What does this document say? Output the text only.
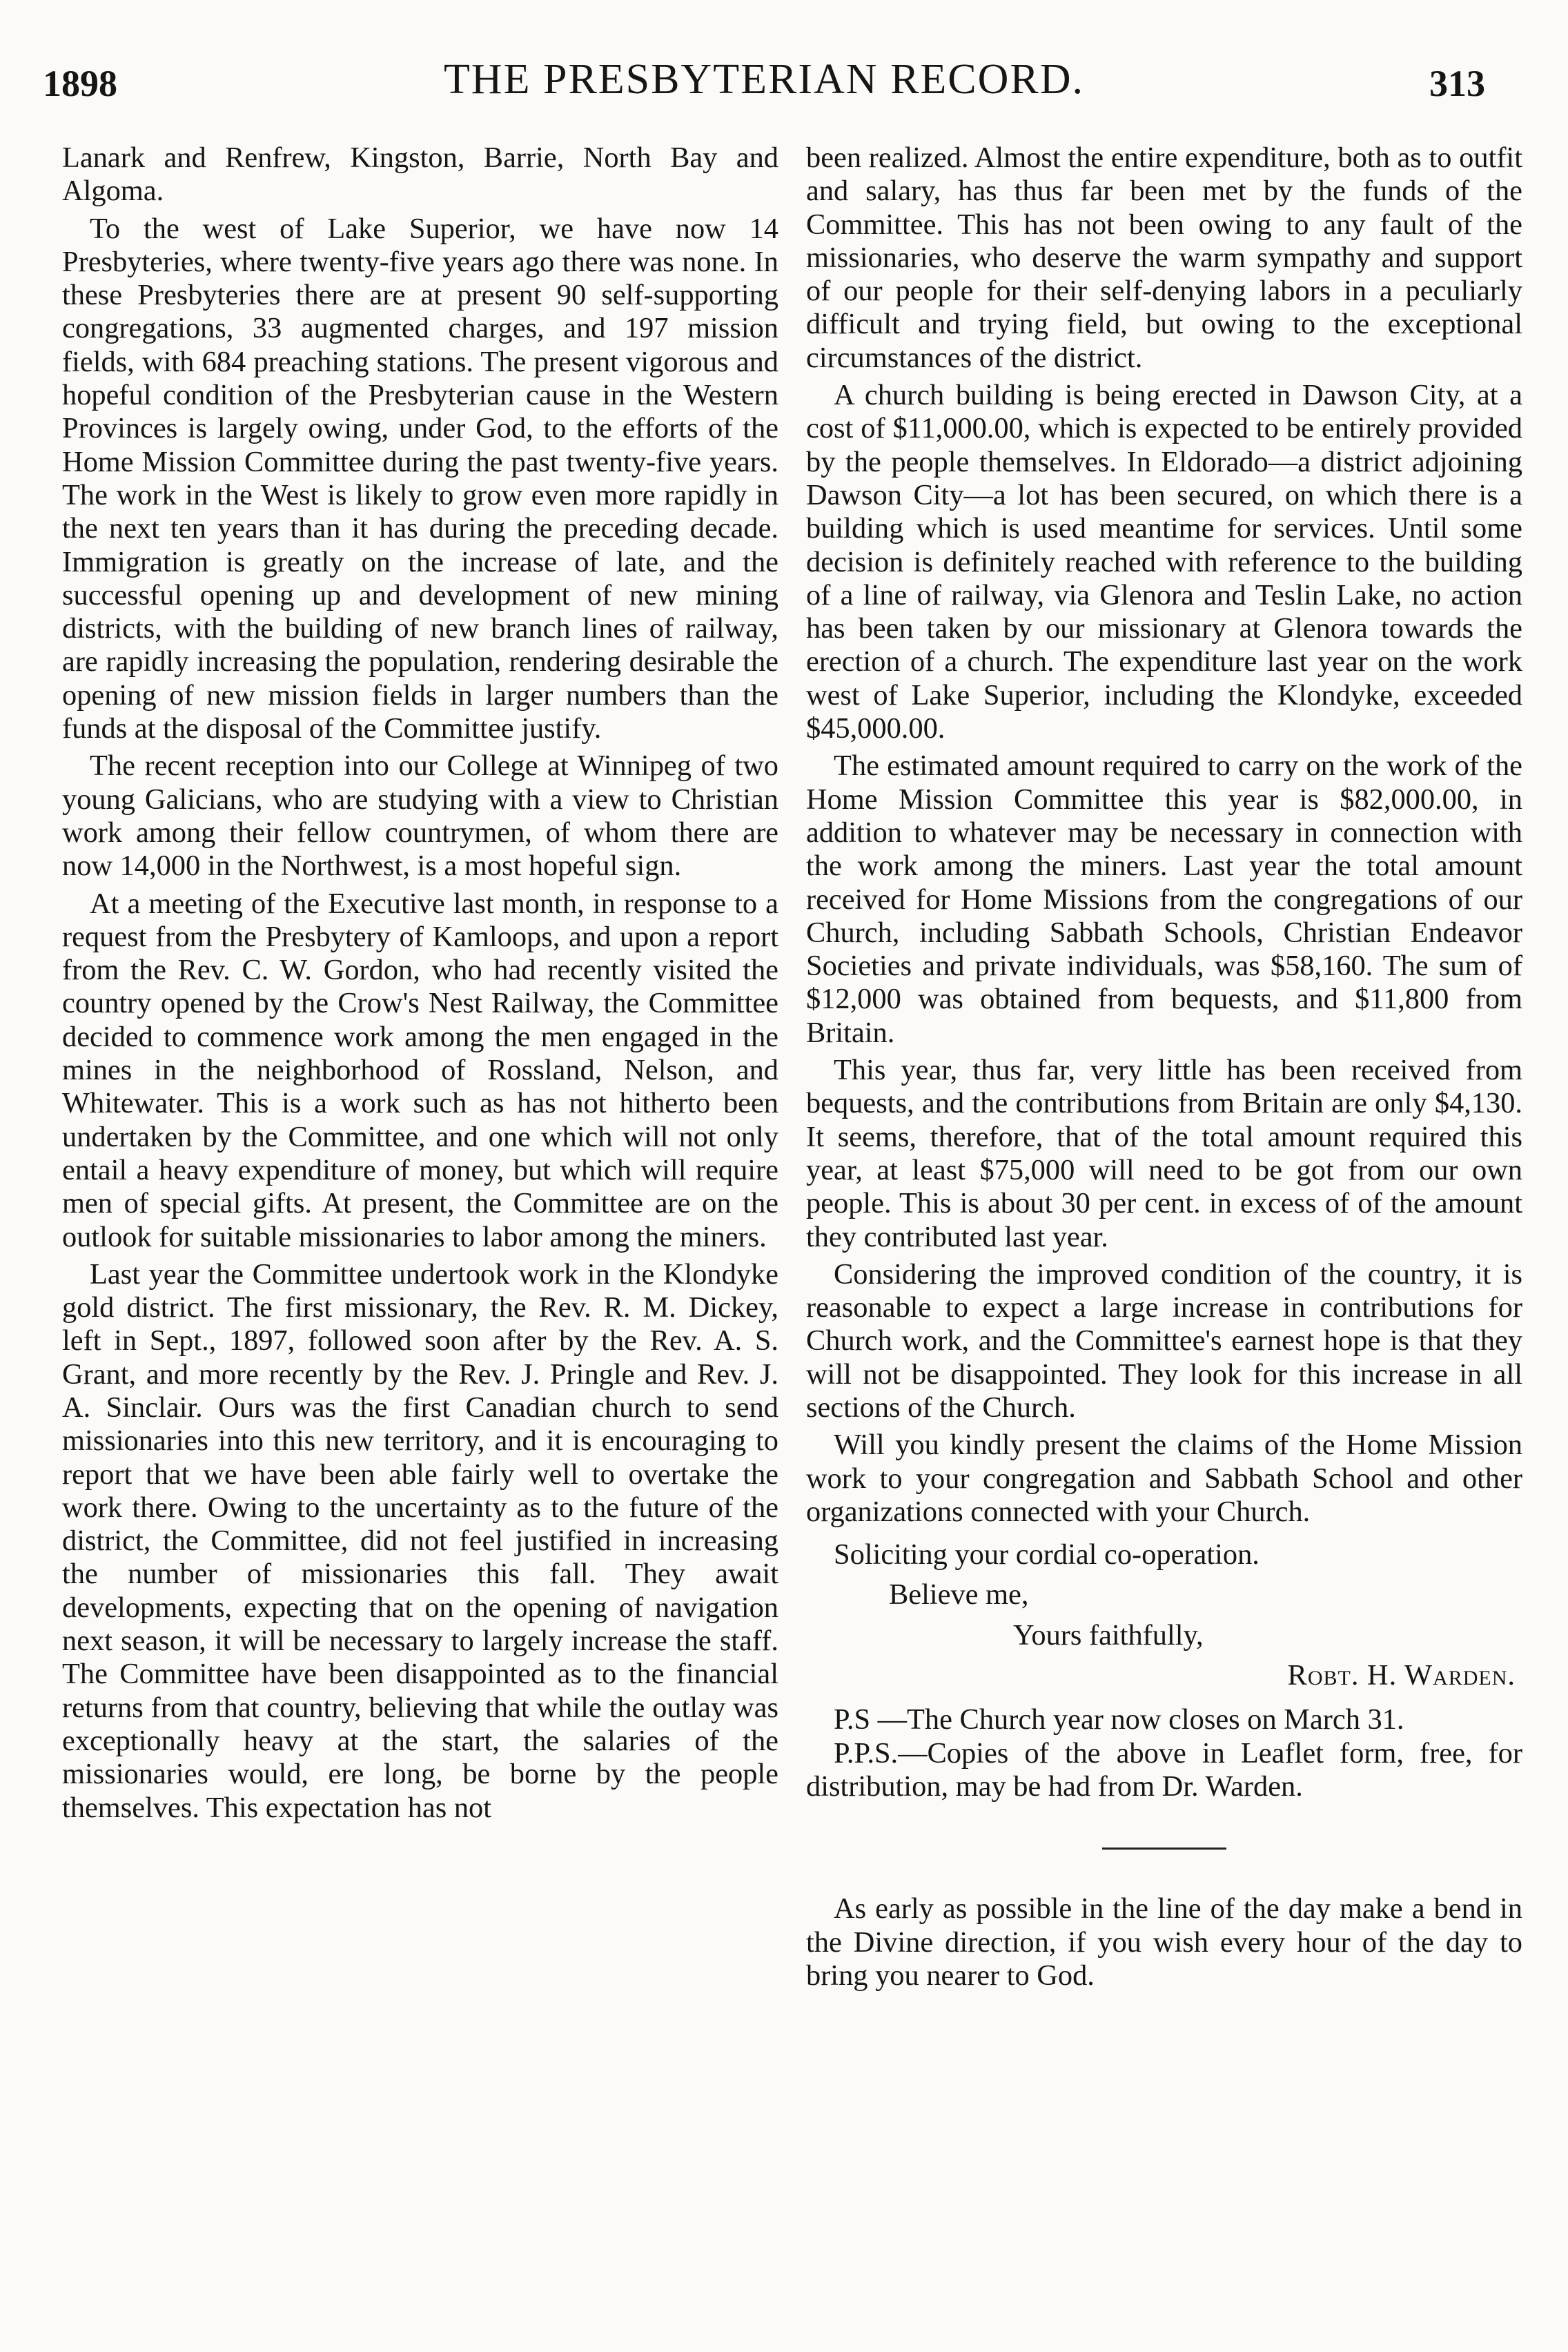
1898	THE PRESBYTERIAN RECORD.	313

Lanark and Renfrew, Kingston, Barrie, North Bay and Algoma.

To the west of Lake Superior, we have now 14 Presbyteries, where twenty-five years ago there was none. In these Presbyteries there are at present 90 self-supporting congregations, 33 augmented charges, and 197 mission fields, with 684 preaching stations. The present vigorous and hopeful condition of the Presbyterian cause in the Western Provinces is largely owing, under God, to the efforts of the Home Mission Committee during the past twenty-five years. The work in the West is likely to grow even more rapidly in the next ten years than it has during the preceding decade. Immigration is greatly on the increase of late, and the successful opening up and development of new mining districts, with the building of new branch lines of railway, are rapidly increasing the population, rendering desirable the opening of new mission fields in larger numbers than the funds at the disposal of the Committee justify.

The recent reception into our College at Winnipeg of two young Galicians, who are studying with a view to Christian work among their fellow countrymen, of whom there are now 14,000 in the Northwest, is a most hopeful sign.

At a meeting of the Executive last month, in response to a request from the Presbytery of Kamloops, and upon a report from the Rev. C. W. Gordon, who had recently visited the country opened by the Crow's Nest Railway, the Committee decided to commence work among the men engaged in the mines in the neighborhood of Rossland, Nelson, and Whitewater. This is a work such as has not hitherto been undertaken by the Committee, and one which will not only entail a heavy expenditure of money, but which will require men of special gifts. At present, the Committee are on the outlook for suitable missionaries to labor among the miners.

Last year the Committee undertook work in the Klondyke gold district. The first missionary, the Rev. R. M. Dickey, left in Sept., 1897, followed soon after by the Rev. A. S. Grant, and more recently by the Rev. J. Pringle and Rev. J. A. Sinclair. Ours was the first Canadian church to send missionaries into this new territory, and it is encouraging to report that we have been able fairly well to overtake the work there. Owing to the uncertainty as to the future of the district, the Committee, did not feel justified in increasing the number of missionaries this fall. They await developments, expecting that on the opening of navigation next season, it will be necessary to largely increase the staff. The Committee have been disappointed as to the financial returns from that country, believing that while the outlay was exceptionally heavy at the start, the salaries of the missionaries would, ere long, be borne by the people themselves. This expectation has not

been realized. Almost the entire expenditure, both as to outfit and salary, has thus far been met by the funds of the Committee. This has not been owing to any fault of the missionaries, who deserve the warm sympathy and support of our people for their self-denying labors in a peculiarly difficult and trying field, but owing to the exceptional circumstances of the district.

A church building is being erected in Dawson City, at a cost of $11,000.00, which is expected to be entirely provided by the people themselves. In Eldorado—a district adjoining Dawson City—a lot has been secured, on which there is a building which is used meantime for services. Until some decision is definitely reached with reference to the building of a line of railway, via Glenora and Teslin Lake, no action has been taken by our missionary at Glenora towards the erection of a church. The expenditure last year on the work west of Lake Superior, including the Klondyke, exceeded $45,000.00.

The estimated amount required to carry on the work of the Home Mission Committee this year is $82,000.00, in addition to whatever may be necessary in connection with the work among the miners. Last year the total amount received for Home Missions from the congregations of our Church, including Sabbath Schools, Christian Endeavor Societies and private individuals, was $58,160. The sum of $12,000 was obtained from bequests, and $11,800 from Britain.

This year, thus far, very little has been received from bequests, and the contributions from Britain are only $4,130. It seems, therefore, that of the total amount required this year, at least $75,000 will need to be got from our own people. This is about 30 per cent. in excess of of the amount they contributed last year.

Considering the improved condition of the country, it is reasonable to expect a large increase in contributions for Church work, and the Committee's earnest hope is that they will not be disappointed. They look for this increase in all sections of the Church.

Will you kindly present the claims of the Home Mission work to your congregation and Sabbath School and other organizations connected with your Church.

Soliciting your cordial co-operation.

Believe me,

Yours faithfully,

Robt. H. Warden.

P.S —The Church year now closes on March 31.

P.P.S.—Copies of the above in Leaflet form, free, for distribution, may be had from Dr. Warden.

As early as possible in the line of the day make a bend in the Divine direction, if you wish every hour of the day to bring you nearer to God.
